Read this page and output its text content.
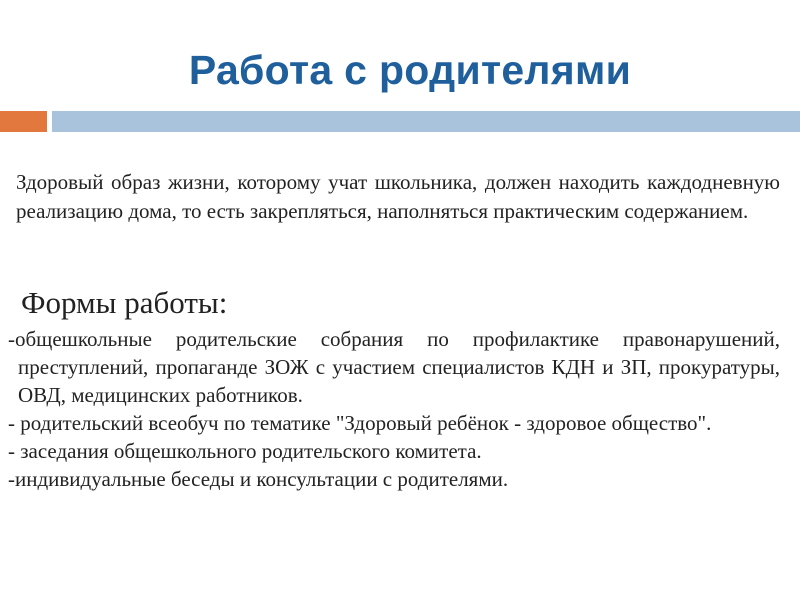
Работа с родителями
Здоровый образ жизни, которому учат школьника, должен находить каждодневную реализацию дома, то есть закрепляться, наполняться практическим содержанием.
Формы работы:
-общешкольные родительские собрания по профилактике правонарушений, преступлений, пропаганде ЗОЖ с участием специалистов КДН и ЗП, прокуратуры, ОВД, медицинских работников.
- родительский всеобуч по тематике "Здоровый ребёнок - здоровое общество".
- заседания общешкольного родительского комитета.
-индивидуальные беседы и консультации с родителями.
